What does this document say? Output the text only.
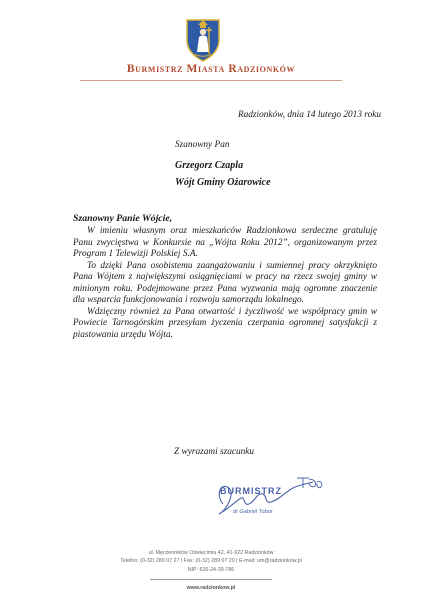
Burmistrz Miasta Radzionków
Radzionków, dnia 14 lutego 2013 roku
Szanowny Pan
Grzegorz Czapla
Wójt Gminy Ożarowice
Szanowny Panie Wójcie,

W imieniu własnym oraz mieszkańców Radzionkowa serdeczne gratuluję Panu zwycięstwa w Konkursie na „Wójta Roku 2012”, organizowanym przez Program 1 Telewizji Polskiej S.A.

To dzięki Pana osobistemu zaangażowaniu i sumiennej pracy okrzyknięto Pana Wójtem z największymi osiągnięciami w pracy na rzecz swojej gminy w minionym roku. Podejmowane przez Pana wyzwania mają ogromne znaczenie dla wsparcia funkcjonowania i rozwoju samorządu lokalnego.

Wdzięczny również za Pana otwartość i życzliwość we współpracy gmin w Powiecie Tarnogórskim przesyłam życzenia czerpania ogromnej satysfakcji z piastowania urzędu Wójta.

Z wyrazami szacunku
BURMISTRZ
dr Gabriel Tobor
ul. Męczenników Oświęcimia 42, 41-922 Radzionków
Telefon: (0-32) 289 07 27 | Fax: (0-32) 289 07 20 | E-mail: um@radzionkow.pl
NIP: 626-24-39-786
www.radzionkow.pl
